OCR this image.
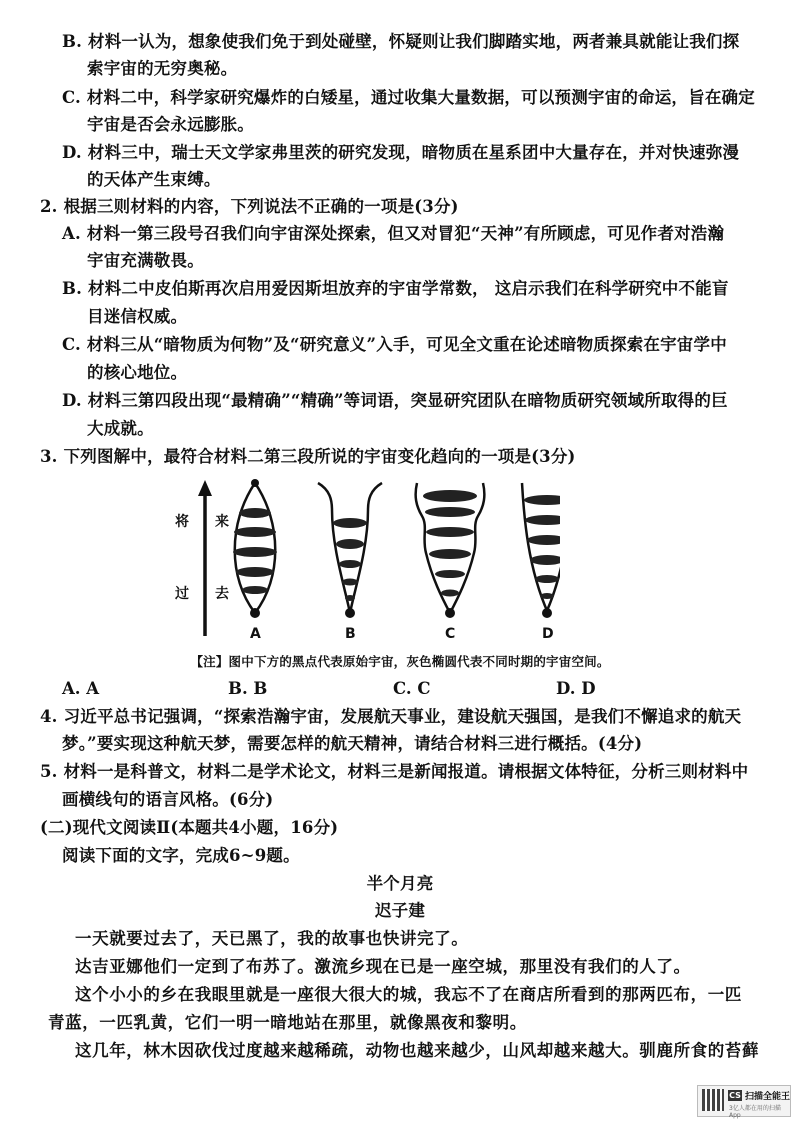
B. 材料一认为，想象使我们免于到处碰壁，怀疑则让我们脚踏实地，两者兼具就能让我们探
索宇宙的无穷奥秘。
C. 材料二中，科学家研究爆炸的白矮星，通过收集大量数据，可以预测宇宙的命运，旨在确定
宇宙是否会永远膨胀。
D. 材料三中，瑞士天文学家弗里茨的研究发现，暗物质在星系团中大量存在，并对快速弥漫
的天体产生束缚。
2. 根据三则材料的内容，下列说法不正确的一项是(3分)
A. 材料一第三段号召我们向宇宙深处探索，但又对冒犯“天神”有所顾虑，可见作者对浩瀚
宇宙充满敬畏。
B. 材料二中皮伯斯再次启用爱因斯坦放弃的宇宙学常数， 这启示我们在科学研究中不能盲
目迷信权威。
C. 材料三从“暗物质为何物”及“研究意义”入手，可见全文重在论述暗物质探索在宇宙学中
的核心地位。
D. 材料三第四段出现“最精确”“精确”等词语，突显研究团队在暗物质研究领域所取得的巨
大成就。
3. 下列图解中，最符合材料二第三段所说的宇宙变化趋向的一项是(3分)
将 来
过 去
A	B	C	D
【注】图中下方的黑点代表原始宇宙，灰色椭圆代表不同时期的宇宙空间。
A. A	B. B	C. C	D. D
4. 习近平总书记强调，“探索浩瀚宇宙，发展航天事业，建设航天强国，是我们不懈追求的航天
梦。”要实现这种航天梦，需要怎样的航天精神，请结合材料三进行概括。(4分)
5. 材料一是科普文，材料二是学术论文，材料三是新闻报道。请根据文体特征，分析三则材料中
画横线句的语言风格。(6分)
(二)现代文阅读Ⅱ(本题共4小题，16分)
阅读下面的文字，完成6~9题。
半个月亮
迟子建
一天就要过去了，天已黑了，我的故事也快讲完了。
达吉亚娜他们一定到了布苏了。激流乡现在已是一座空城，那里没有我们的人了。
这个小小的乡在我眼里就是一座很大很大的城，我忘不了在商店所看到的那两匹布，一匹
青蓝，一匹乳黄，它们一明一暗地站在那里，就像黑夜和黎明。
这几年，林木因砍伐过度越来越稀疏，动物也越来越少，山风却越来越大。驯鹿所食的苔藓
CS 扫描全能王
3亿人都在用的扫描App
